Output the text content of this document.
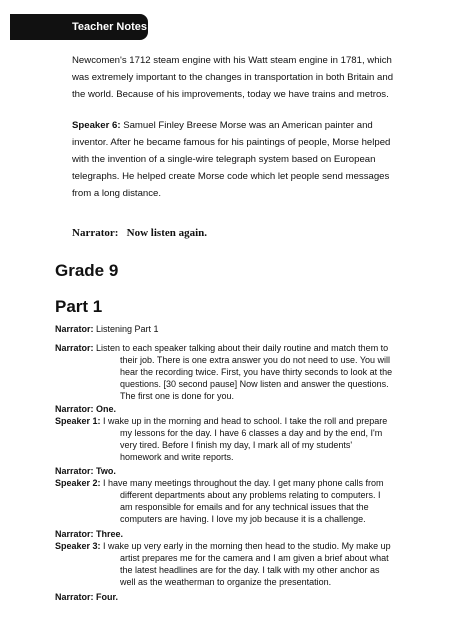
Teacher Notes

Newcomen's 1712 steam engine with his Watt steam engine in 1781, which was extremely important to the changes in transportation in both Britain and the world. Because of his improvements, today we have trains and metros.

Speaker 6: Samuel Finley Breese Morse was an American painter and inventor. After he became famous for his paintings of people, Morse helped with the invention of a single-wire telegraph system based on European telegraphs. He helped create Morse code which let people send messages from a long distance.

Narrator:   Now listen again.
Grade 9
Part 1
Narrator: Listening Part 1
Narrator: Listen to each speaker talking about their daily routine and match them to
their job. There is one extra answer you do not need to use. You will hear the recording twice. First, you have thirty seconds to look at the questions. [30 second pause] Now listen and answer the questions. The first one is done for you.
Narrator: One.
Speaker 1: I wake up in the morning and head to school. I take the roll and prepare
my lessons for the day. I have 6 classes a day and by the end, I'm very tired. Before I finish my day, I mark all of my students' homework and write reports.
Narrator: Two.
Speaker 2: I have many meetings throughout the day. I get many phone calls from
different departments about any problems relating to computers. I am responsible for emails and for any technical issues that the computers are having. I love my job because it is a challenge.
Narrator: Three.
Speaker 3: I wake up very early in the morning then head to the studio. My make up
artist prepares me for the camera and I am given a brief about what the latest headlines are for the day. I talk with my other anchor as well as the weatherman to organize the presentation.
Narrator: Four.
